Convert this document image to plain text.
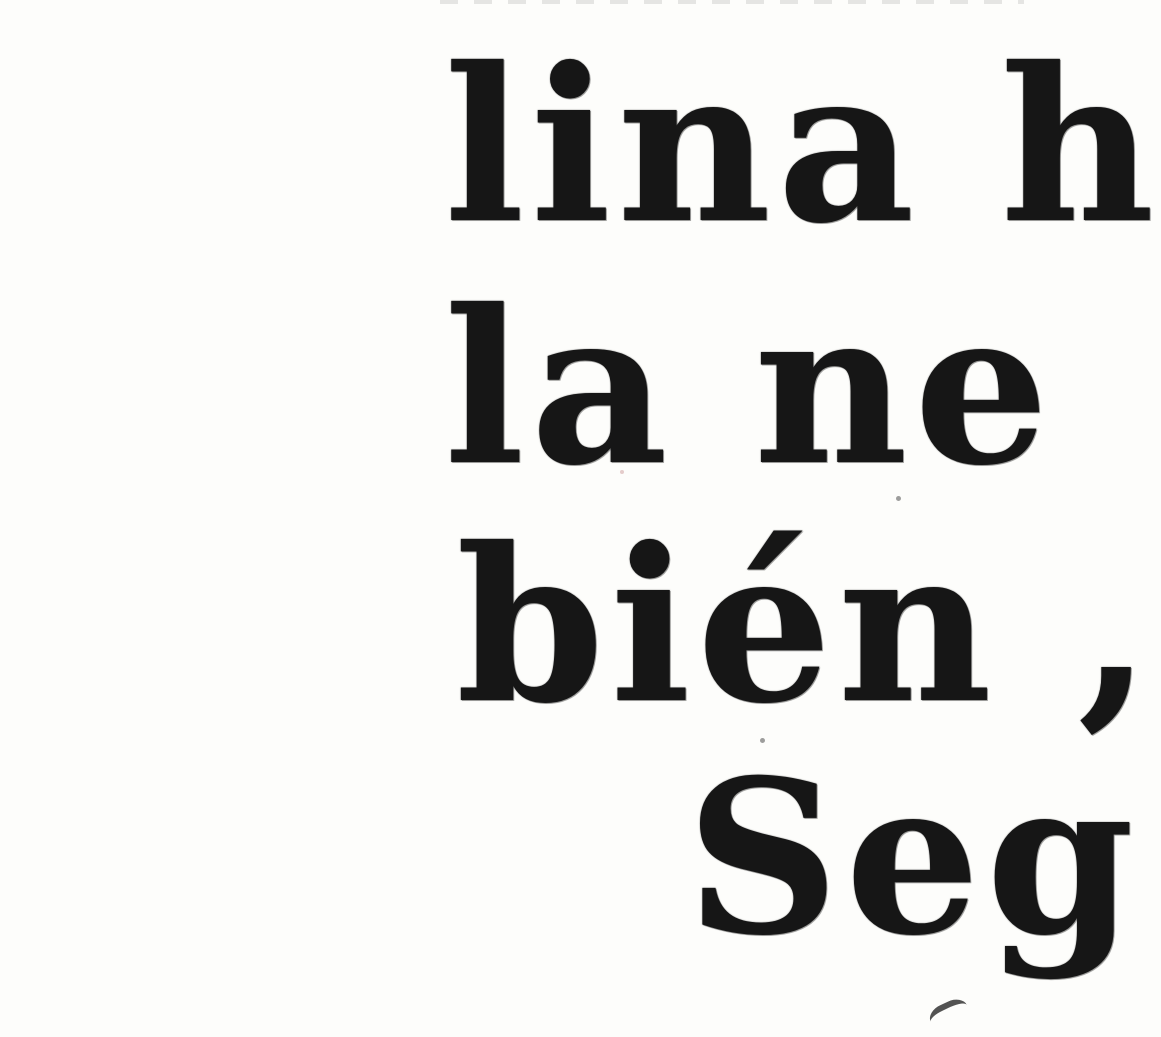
lina h
la ne
bién ,
Seg
